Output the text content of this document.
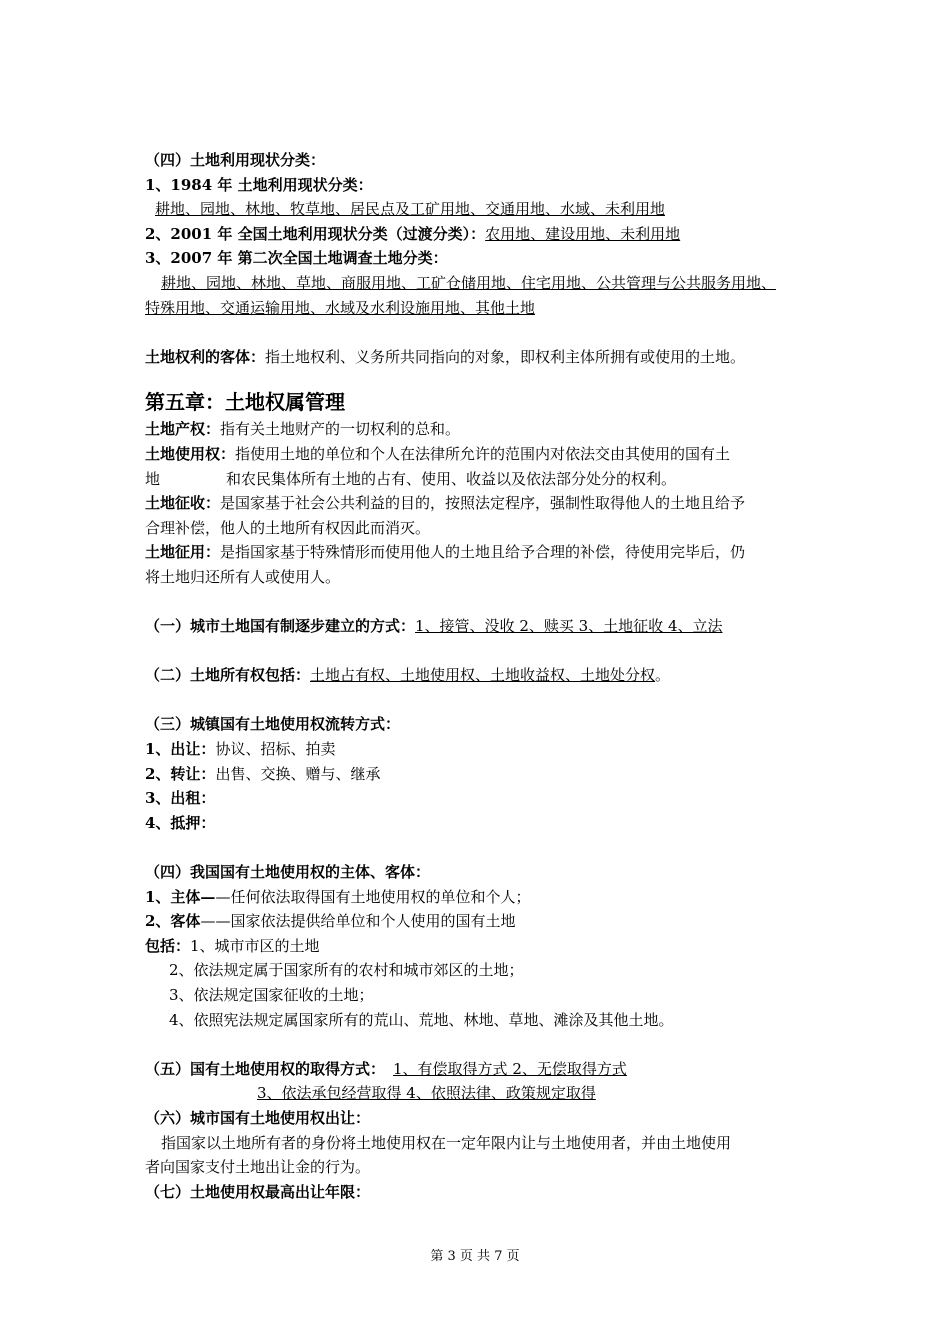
（四）土地利用现状分类：
1、1984 年 土地利用现状分类：
耕地、园地、林地、牧草地、居民点及工矿用地、交通用地、水域、未利用地
2、2001 年 全国土地利用现状分类（过渡分类）：农用地、建设用地、未利用地
3、2007 年 第二次全国土地调查土地分类：
耕地、园地、林地、草地、商服用地、工矿仓储用地、住宅用地、公共管理与公共服务用地、
特殊用地、交通运输用地、水域及水利设施用地、其他土地
土地权利的客体：指土地权利、义务所共同指向的对象，即权利主体所拥有或使用的土地。
第五章：土地权属管理
土地产权：指有关土地财产的一切权利的总和。
土地使用权：指使用土地的单位和个人在法律所允许的范围内对依法交由其使用的国有土
地	和农民集体所有土地的占有、使用、收益以及依法部分处分的权利。
土地征收：是国家基于社会公共利益的目的，按照法定程序，强制性取得他人的土地且给予
合理补偿，他人的土地所有权因此而消灭。
土地征用：是指国家基于特殊情形而使用他人的土地且给予合理的补偿，待使用完毕后，仍
将土地归还所有人或使用人。
（一）城市土地国有制逐步建立的方式：1、接管、没收 2、赎买 3、土地征收 4、立法
（二）土地所有权包括：土地占有权、土地使用权、土地收益权、土地处分权。
（三）城镇国有土地使用权流转方式：
1、出让：协议、招标、拍卖
2、转让：出售、交换、赠与、继承
3、出租：
4、抵押：
（四）我国国有土地使用权的主体、客体：
1、主体——任何依法取得国有土地使用权的单位和个人；
2、客体——国家依法提供给单位和个人使用的国有土地
包括：1、城市市区的土地
2、依法规定属于国家所有的农村和城市郊区的土地；
3、依法规定国家征收的土地；
4、依照宪法规定属国家所有的荒山、荒地、林地、草地、滩涂及其他土地。
（五）国有土地使用权的取得方式： 1、有偿取得方式 2、无偿取得方式
3、依法承包经营取得 4、依照法律、政策规定取得
（六）城市国有土地使用权出让：
指国家以土地所有者的身份将土地使用权在一定年限内让与土地使用者，并由土地使用
者向国家支付土地出让金的行为。
（七）土地使用权最高出让年限：
第 3 页 共 7 页
